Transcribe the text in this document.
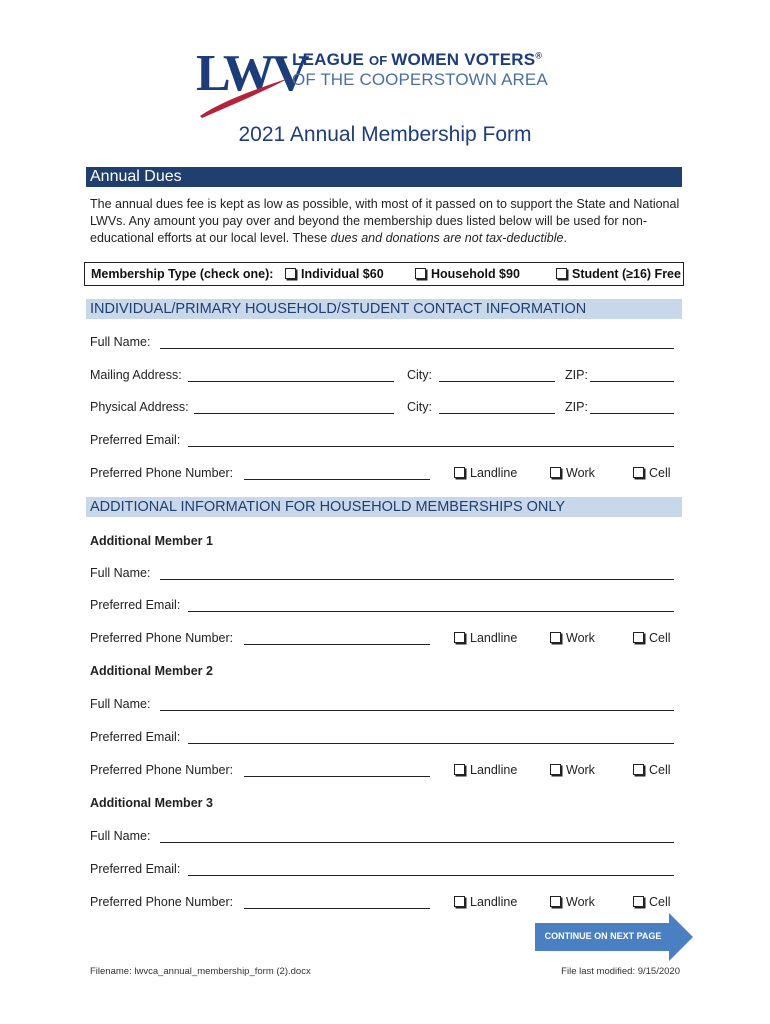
LWV
LEAGUE OF WOMEN VOTERS®
OF THE COOPERSTOWN AREA
2021 Annual Membership Form
Annual Dues
The annual dues fee is kept as low as possible, with most of it passed on to support the State and National LWVs. Any amount you pay over and beyond the membership dues listed below will be used for non-educational efforts at our local level. These dues and donations are not tax-deductible.
Membership Type (check one):	Individual $60	Household $90	Student (≥16) Free
INDIVIDUAL/PRIMARY HOUSEHOLD/STUDENT CONTACT INFORMATION
Full Name:
Mailing Address:	City:	ZIP:
Physical Address:	City:	ZIP:
Preferred Email:
Preferred Phone Number:	Landline	Work	Cell
ADDITIONAL INFORMATION FOR HOUSEHOLD MEMBERSHIPS ONLY
Additional Member 1
Full Name:
Preferred Email:
Preferred Phone Number:	Landline	Work	Cell
Additional Member 2
Full Name:
Preferred Email:
Preferred Phone Number:	Landline	Work	Cell
Additional Member 3
Full Name:
Preferred Email:
Preferred Phone Number:	Landline	Work	Cell
CONTINUE ON NEXT PAGE
Filename: lwvca_annual_membership_form (2).docx	File last modified: 9/15/2020
